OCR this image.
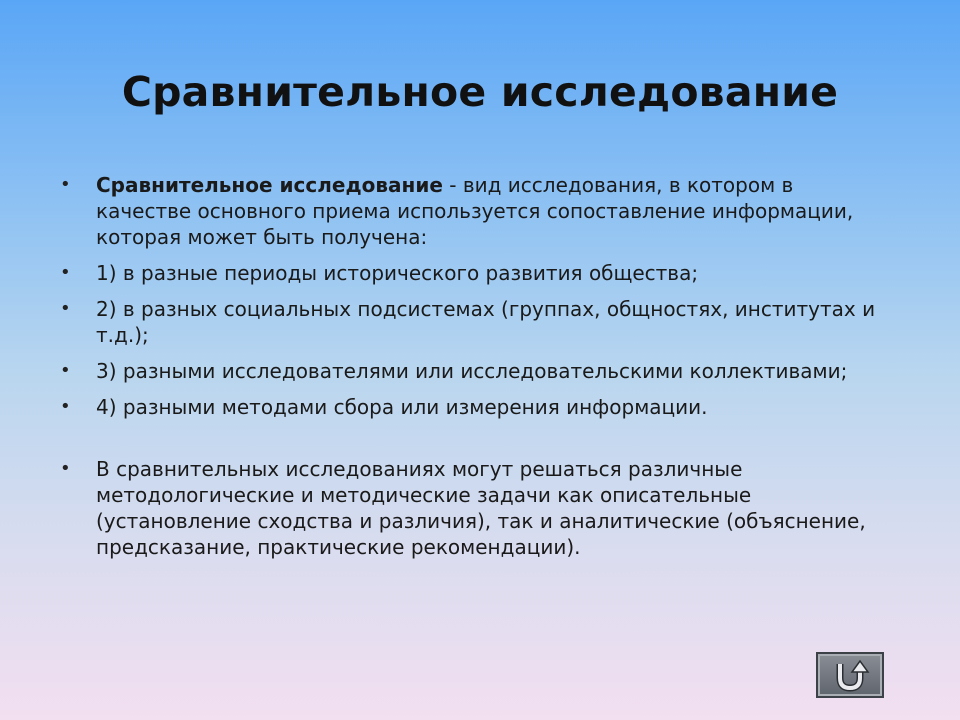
Сравнительное исследование
• Сравнительное исследование - вид исследования, в котором в качестве основного приема используется сопоставление информации, которая может быть получена:
• 1) в разные периоды исторического развития общества;
• 2) в разных социальных подсистемах (группах, общностях, институтах и т.д.);
• 3) разными исследователями или исследовательскими коллективами;
• 4) разными методами сбора или измерения информации.
• В сравнительных исследованиях могут решаться различные методологические и методические задачи как описательные (установление сходства и различия), так и аналитические (объяснение, предсказание, практические рекомендации).
